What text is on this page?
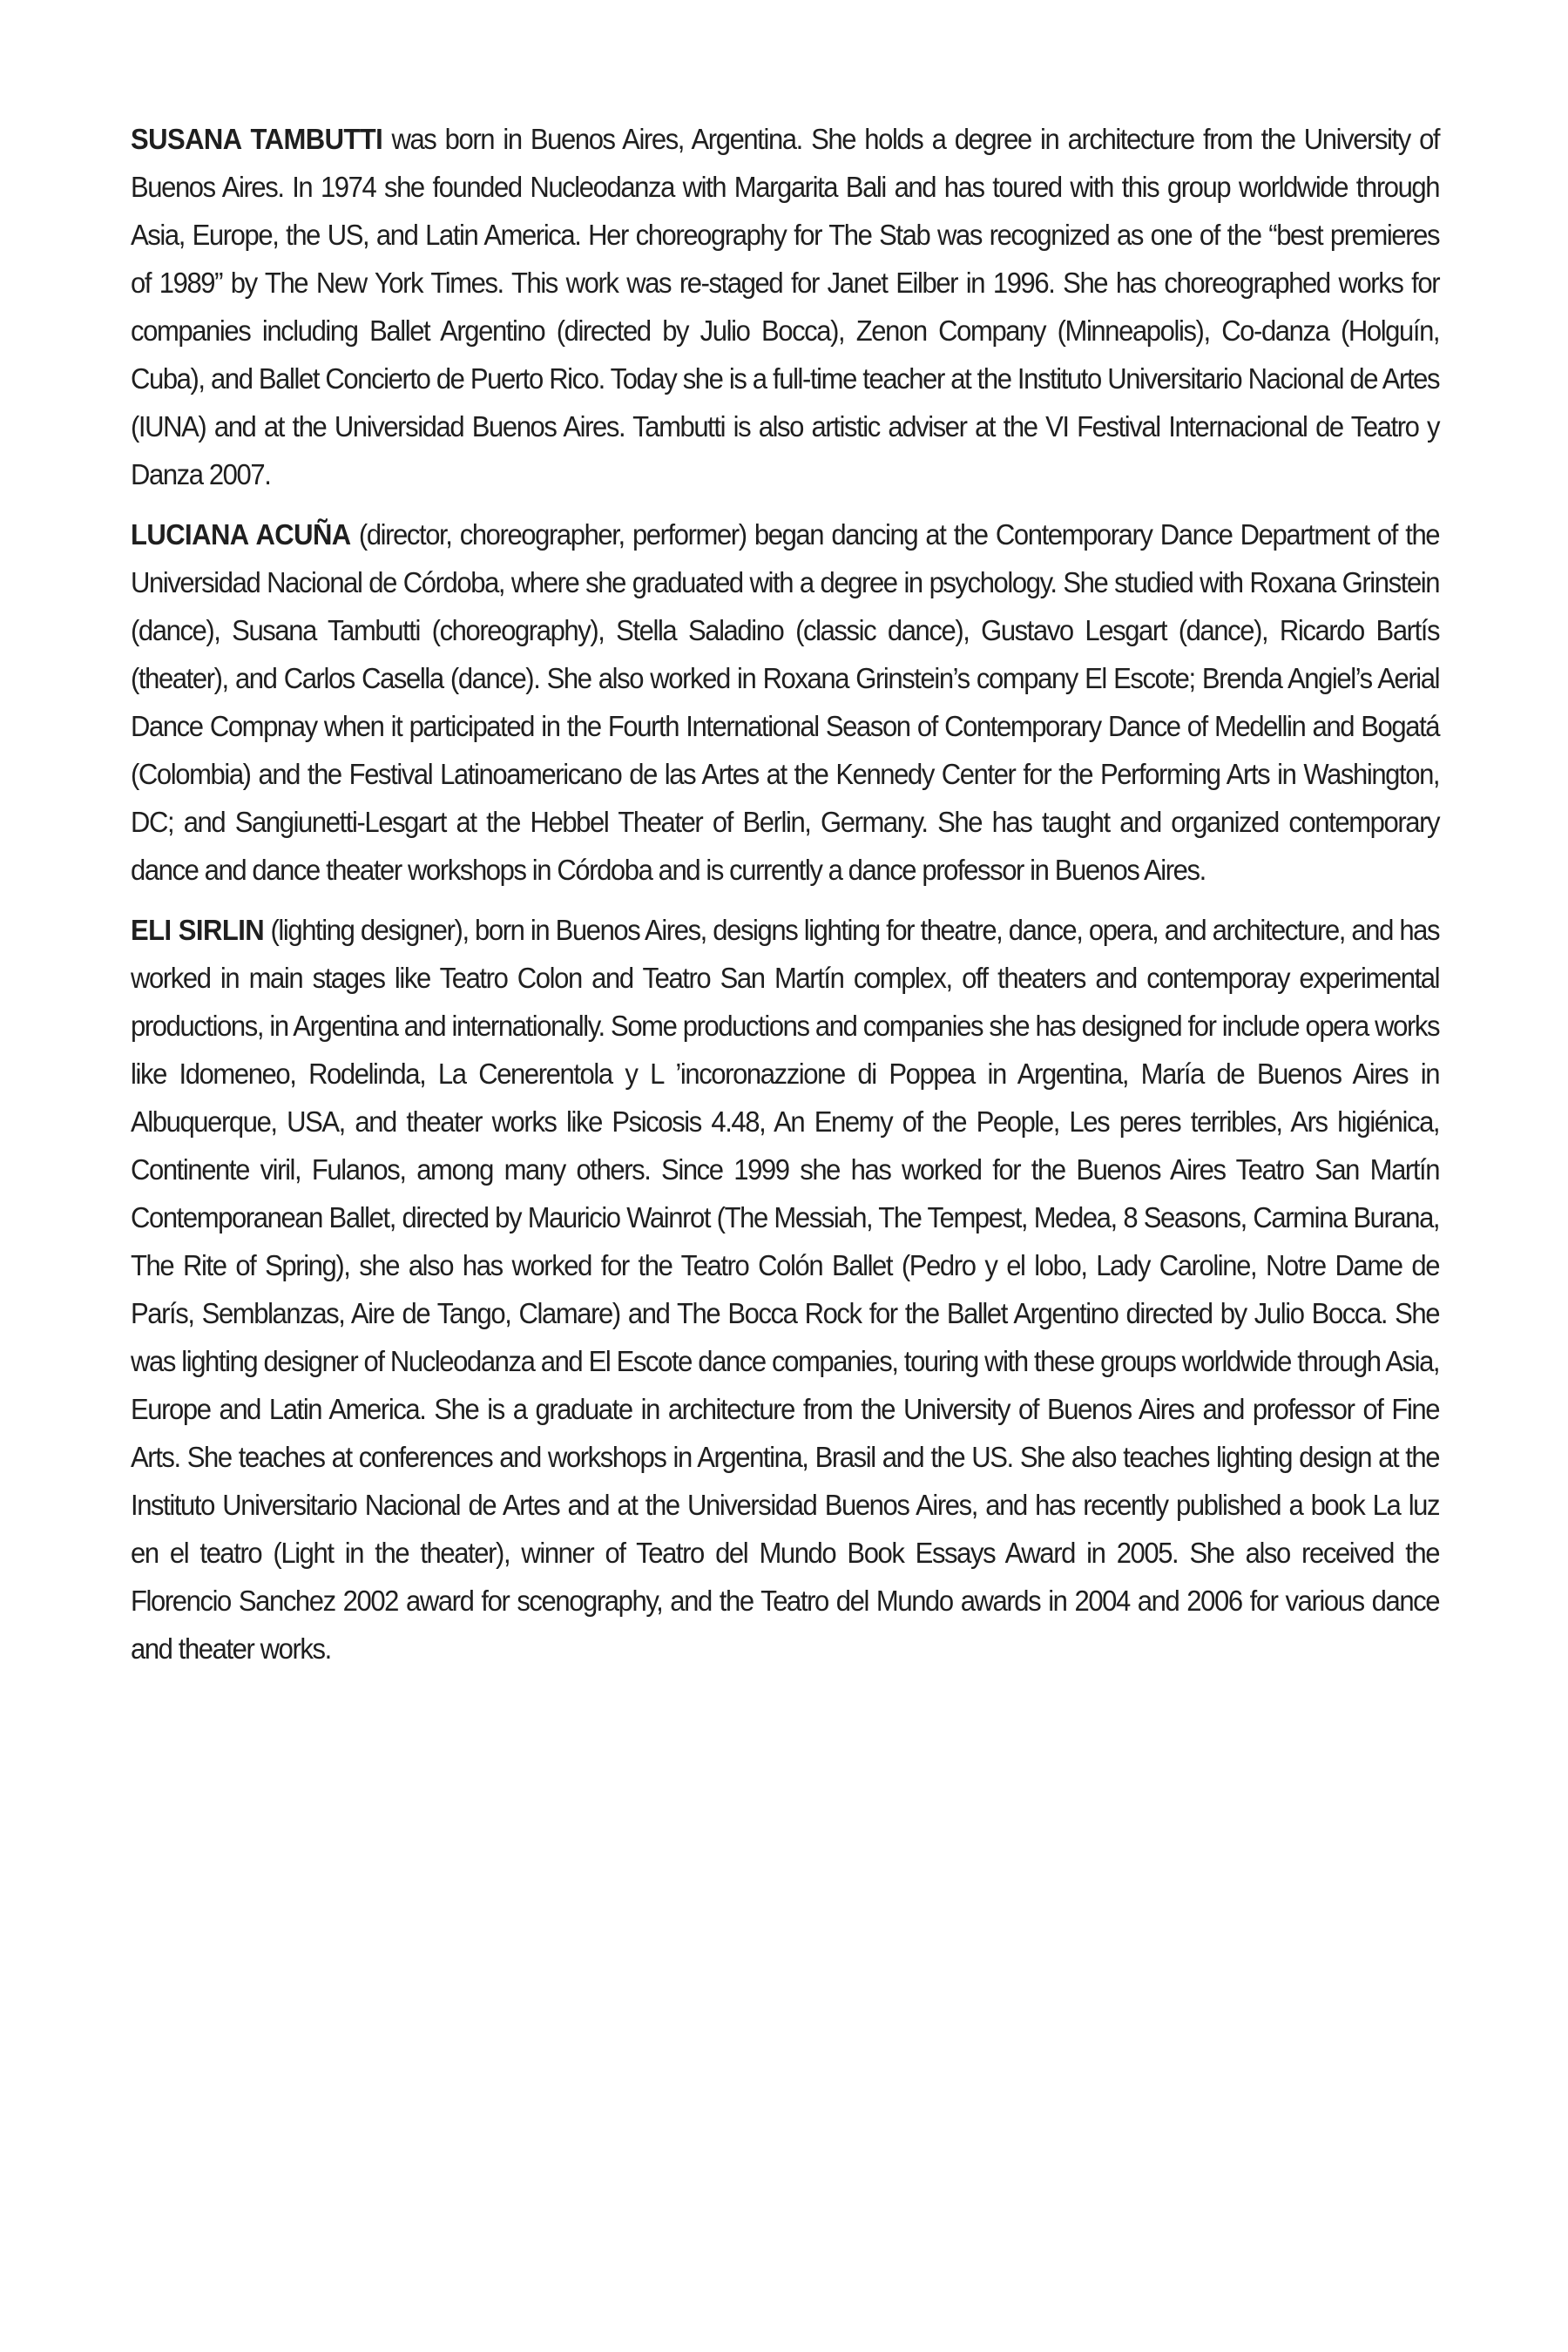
SUSANA TAMBUTTI was born in Buenos Aires, Argentina. She holds a degree in architecture from the University of Buenos Aires. In 1974 she founded Nucleodanza with Margarita Bali and has toured with this group worldwide through Asia, Europe, the US, and Latin America. Her choreography for The Stab was recognized as one of the “best premieres of 1989” by The New York Times. This work was re-staged for Janet Eilber in 1996. She has choreographed works for companies including Ballet Argentino (directed by Julio Bocca), Zenon Company (Minneapolis), Co-danza (Holguín, Cuba), and Ballet Concierto de Puerto Rico. Today she is a full-time teacher at the Instituto Universitario Nacional de Artes (IUNA) and at the Universidad Buenos Aires. Tambutti is also artistic adviser at the VI Festival Internacional de Teatro y Danza 2007.

LUCIANA ACUÑA (director, choreographer, performer) began dancing at the Contemporary Dance Department of the Universidad Nacional de Córdoba, where she graduated with a degree in psychology. She studied with Roxana Grinstein (dance), Susana Tambutti (choreography), Stella Saladino (classic dance), Gustavo Lesgart (dance), Ricardo Bartís (theater), and Carlos Casella (dance). She also worked in Roxana Grinstein’s company El Escote; Brenda Angiel’s Aerial Dance Compnay when it participated in the Fourth International Season of Contemporary Dance of Medellin and Bogatá (Colombia) and the Festival Latinoamericano de las Artes at the Kennedy Center for the Performing Arts in Washington, DC; and Sangiunetti-Lesgart at the Hebbel Theater of Berlin, Germany. She has taught and organized contemporary dance and dance theater workshops in Córdoba and is currently a dance professor in Buenos Aires.

ELI SIRLIN (lighting designer), born in Buenos Aires, designs lighting for theatre, dance, opera, and architecture, and has worked in main stages like Teatro Colon and Teatro San Martín complex, off theaters and contemporay experimental productions, in Argentina and internationally. Some productions and companies she has designed for include opera works like Idomeneo, Rodelinda, La Cenerentola y L ’incoronazzione di Poppea in Argentina, María de Buenos Aires in Albuquerque, USA, and theater works like Psicosis 4.48, An Enemy of the People, Les peres terribles, Ars higiénica, Continente viril, Fulanos, among many others. Since 1999 she has worked for the Buenos Aires Teatro San Martín Contemporanean Ballet, directed by Mauricio Wainrot (The Messiah, The Tempest, Medea, 8 Seasons, Carmina Burana, The Rite of Spring), she also has worked for the Teatro Colón Ballet (Pedro y el lobo, Lady Caroline, Notre Dame de París, Semblanzas, Aire de Tango, Clamare) and The Bocca Rock for the Ballet Argentino directed by Julio Bocca. She was lighting designer of Nucleodanza and El Escote dance companies, touring with these groups worldwide through Asia, Europe and Latin America. She is a graduate in architecture from the University of Buenos Aires and professor of Fine Arts. She teaches at conferences and workshops in Argentina, Brasil and the US. She also teaches lighting design at the Instituto Universitario Nacional de Artes and at the Universidad Buenos Aires, and has recently published a book La luz en el teatro (Light in the theater), winner of Teatro del Mundo Book Essays Award in 2005. She also received the Florencio Sanchez 2002 award for scenography, and the Teatro del Mundo awards in 2004 and 2006 for various dance and theater works.
